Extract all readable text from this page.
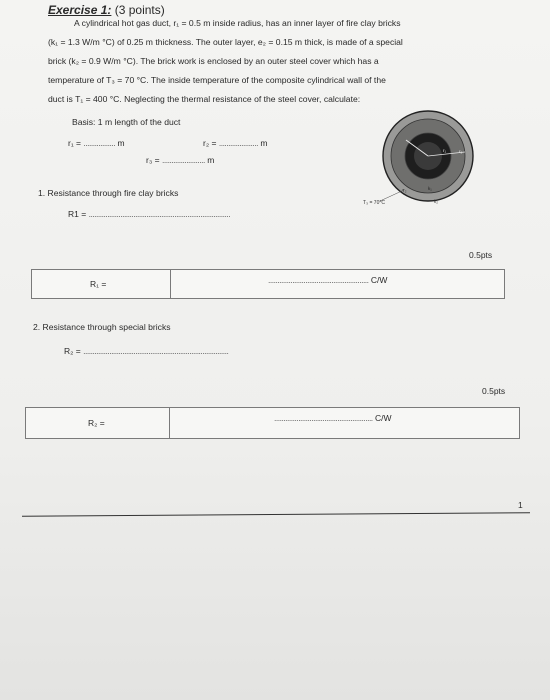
Exercise 1: (3 points)
A cylindrical hot gas duct, r₁ = 0.5 m inside radius, has an inner layer of fire clay bricks
(k₁ = 1.3 W/m °C) of 0.25 m thickness. The outer layer, e₂ = 0.15 m thick, is made of a special
brick (k₂ = 0.9 W/m °C). The brick work is enclosed by an outer steel cover which has a
temperature of T₃ = 70 °C. The inside temperature of the composite cylindrical wall of the
duct is T₁ = 400 °C. Neglecting the thermal resistance of the steel cover, calculate:
Basis: 1 m length of the duct
r₁ = ................. m	r₂ = ..................... m
r₃ = ....................... m
r₁	r₂
T₃ = 70°C
T₂	k₁
k₂
1. Resistance through fire clay bricks
R1 = ............................................................................
0.5pts
R₁ =	...................................................... C/W
2. Resistance through special bricks
R₂ = ..............................................................................
0.5pts
R₂ =	..................................................... C/W
1
